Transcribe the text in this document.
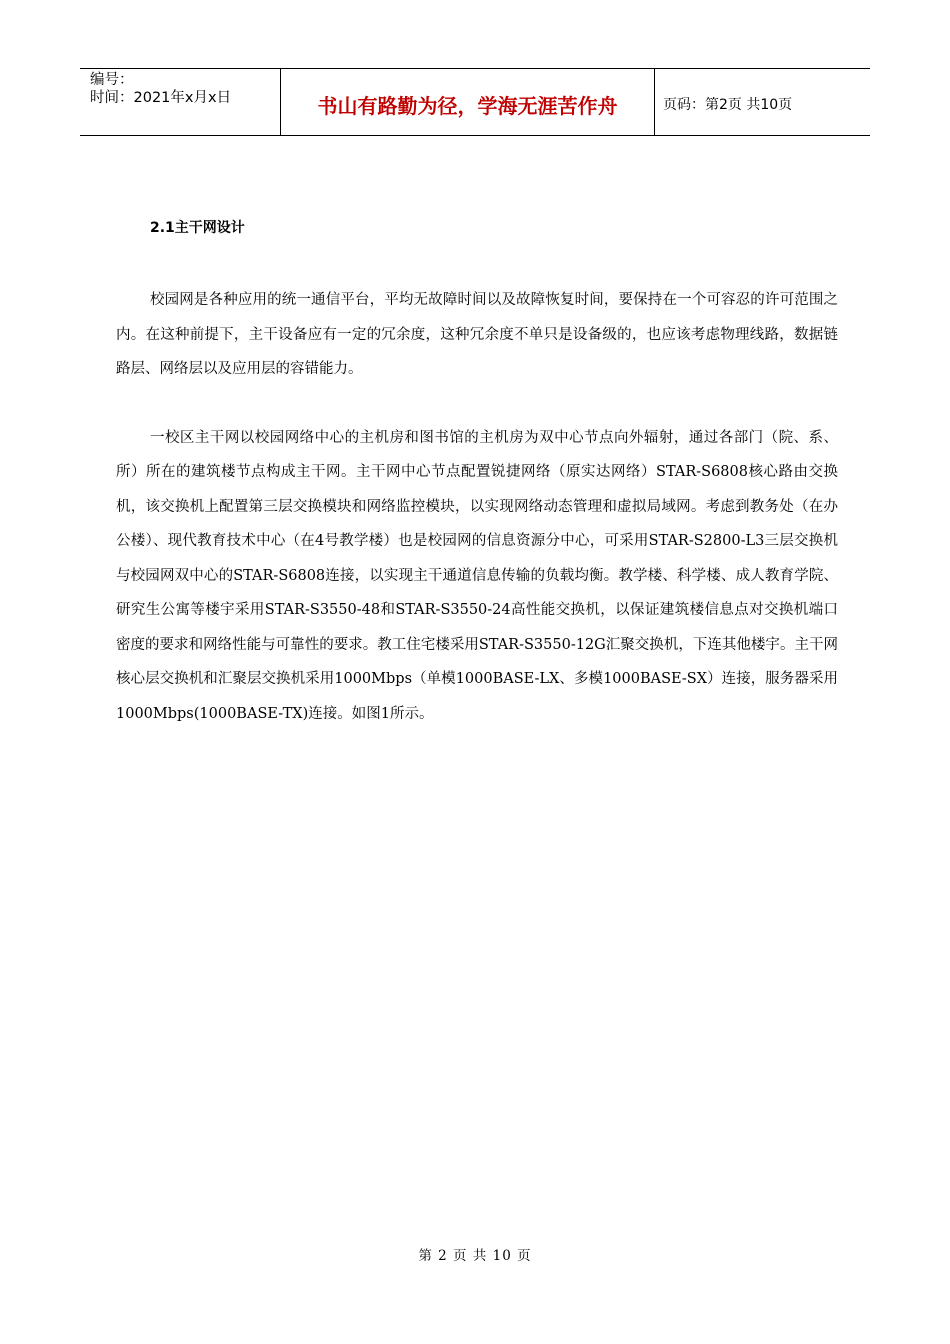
编号：
时间：2021年x月x日	书山有路勤为径，学海无涯苦作舟	页码：第2页 共10页
2.1主干网设计

校园网是各种应用的统一通信平台，平均无故障时间以及故障恢复时间，要保持在一个可容忍的许可范围之内。在这种前提下，主干设备应有一定的冗余度，这种冗余度不单只是设备级的，也应该考虑物理线路，数据链路层、网络层以及应用层的容错能力。

一校区主干网以校园网络中心的主机房和图书馆的主机房为双中心节点向外辐射，通过各部门（院、系、所）所在的建筑楼节点构成主干网。主干网中心节点配置锐捷网络（原实达网络）STAR-S6808核心路由交换机，该交换机上配置第三层交换模块和网络监控模块，以实现网络动态管理和虚拟局域网。考虑到教务处（在办公楼）、现代教育技术中心（在4号教学楼）也是校园网的信息资源分中心，可采用STAR-S2800-L3三层交换机与校园网双中心的STAR-S6808连接，以实现主干通道信息传输的负载均衡。教学楼、科学楼、成人教育学院、研究生公寓等楼宇采用STAR-S3550-48和STAR-S3550-24高性能交换机，以保证建筑楼信息点对交换机端口密度的要求和网络性能与可靠性的要求。教工住宅楼采用STAR-S3550-12G汇聚交换机，下连其他楼宇。主干网核心层交换机和汇聚层交换机采用1000Mbps（单模1000BASE-LX、多模1000BASE-SX）连接，服务器采用1000Mbps(1000BASE-TX)连接。如图1所示。

第 2 页 共 10 页
